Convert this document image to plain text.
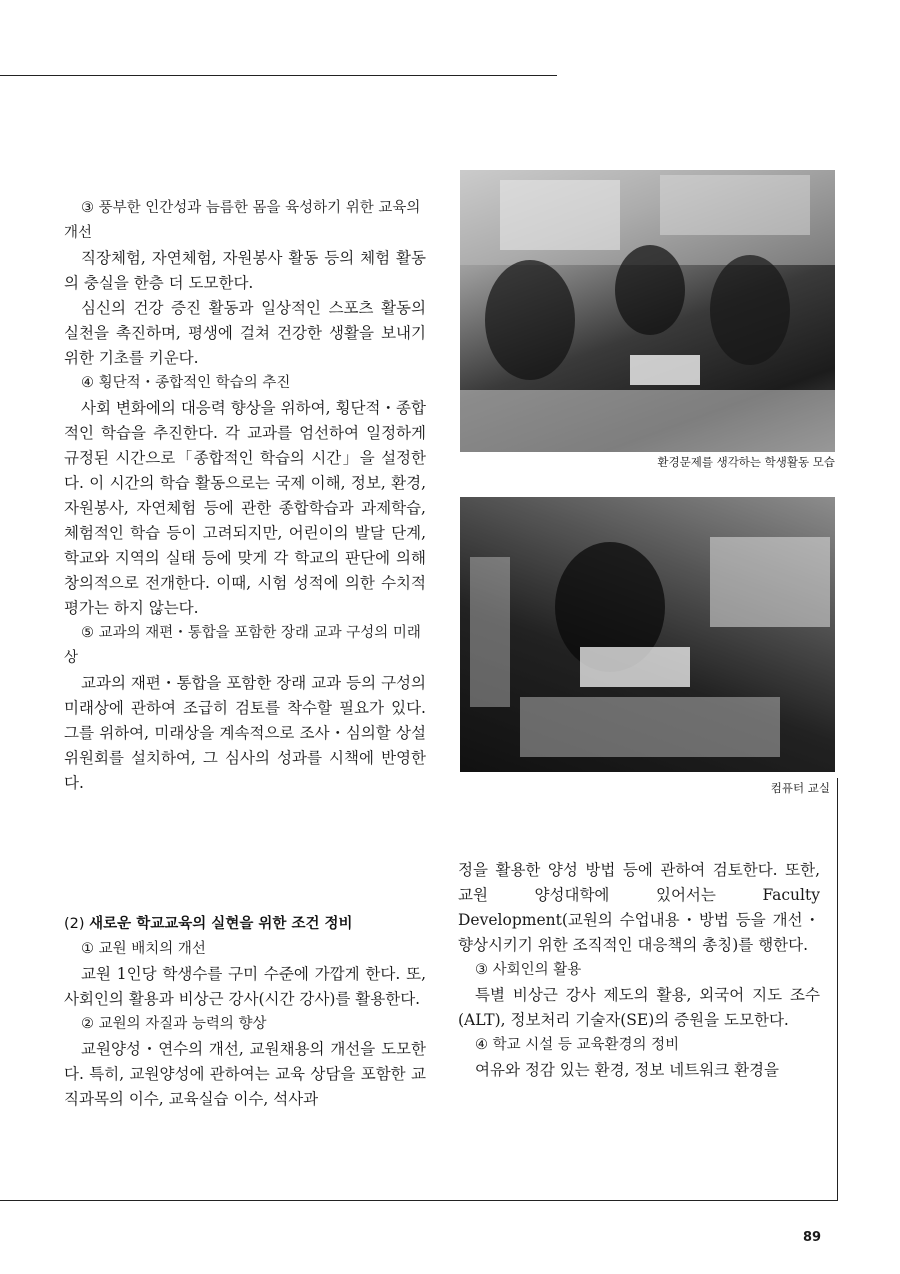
③ 풍부한 인간성과 늠름한 몸을 육성하기 위한 교육의 개선

직장체험, 자연체험, 자원봉사 활동 등의 체험 활동의 충실을 한층 더 도모한다.

심신의 건강 증진 활동과 일상적인 스포츠 활동의 실천을 촉진하며, 평생에 걸쳐 건강한 생활을 보내기 위한 기초를 키운다.

④ 횡단적・종합적인 학습의 추진

사회 변화에의 대응력 향상을 위하여, 횡단적・종합적인 학습을 추진한다. 각 교과를 엄선하여 일정하게 규정된 시간으로「종합적인 학습의 시간」을 설정한다. 이 시간의 학습 활동으로는 국제 이해, 정보, 환경, 자원봉사, 자연체험 등에 관한 종합학습과 과제학습, 체험적인 학습 등이 고려되지만, 어린이의 발달 단계, 학교와 지역의 실태 등에 맞게 각 학교의 판단에 의해 창의적으로 전개한다. 이때, 시험 성적에 의한 수치적 평가는 하지 않는다.

⑤ 교과의 재편・통합을 포함한 장래 교과 구성의 미래상

교과의 재편・통합을 포함한 장래 교과 등의 구성의 미래상에 관하여 조급히 검토를 착수할 필요가 있다. 그를 위하여, 미래상을 계속적으로 조사・심의할 상설 위원회를 설치하여, 그 심사의 성과를 시책에 반영한다.

(2) 새로운 학교교육의 실현을 위한 조건 정비
① 교원 배치의 개선

교원 1인당 학생수를 구미 수준에 가깝게 한다. 또, 사회인의 활용과 비상근 강사(시간 강사)를 활용한다.

② 교원의 자질과 능력의 향상

교원양성・연수의 개선, 교원채용의 개선을 도모한다. 특히, 교원양성에 관하여는 교육 상담을 포함한 교직과목의 이수, 교육실습 이수, 석사과

환경문제를 생각하는 학생활동 모습
컴퓨터 교실

정을 활용한 양성 방법 등에 관하여 검토한다. 또한, 교원 양성대학에 있어서는 Faculty Development(교원의 수업내용・방법 등을 개선・향상시키기 위한 조직적인 대응책의 총칭)를 행한다.

③ 사회인의 활용

특별 비상근 강사 제도의 활용, 외국어 지도 조수(ALT), 정보처리 기술자(SE)의 증원을 도모한다.

④ 학교 시설 등 교육환경의 정비

여유와 정감 있는 환경, 정보 네트워크 환경을

89
